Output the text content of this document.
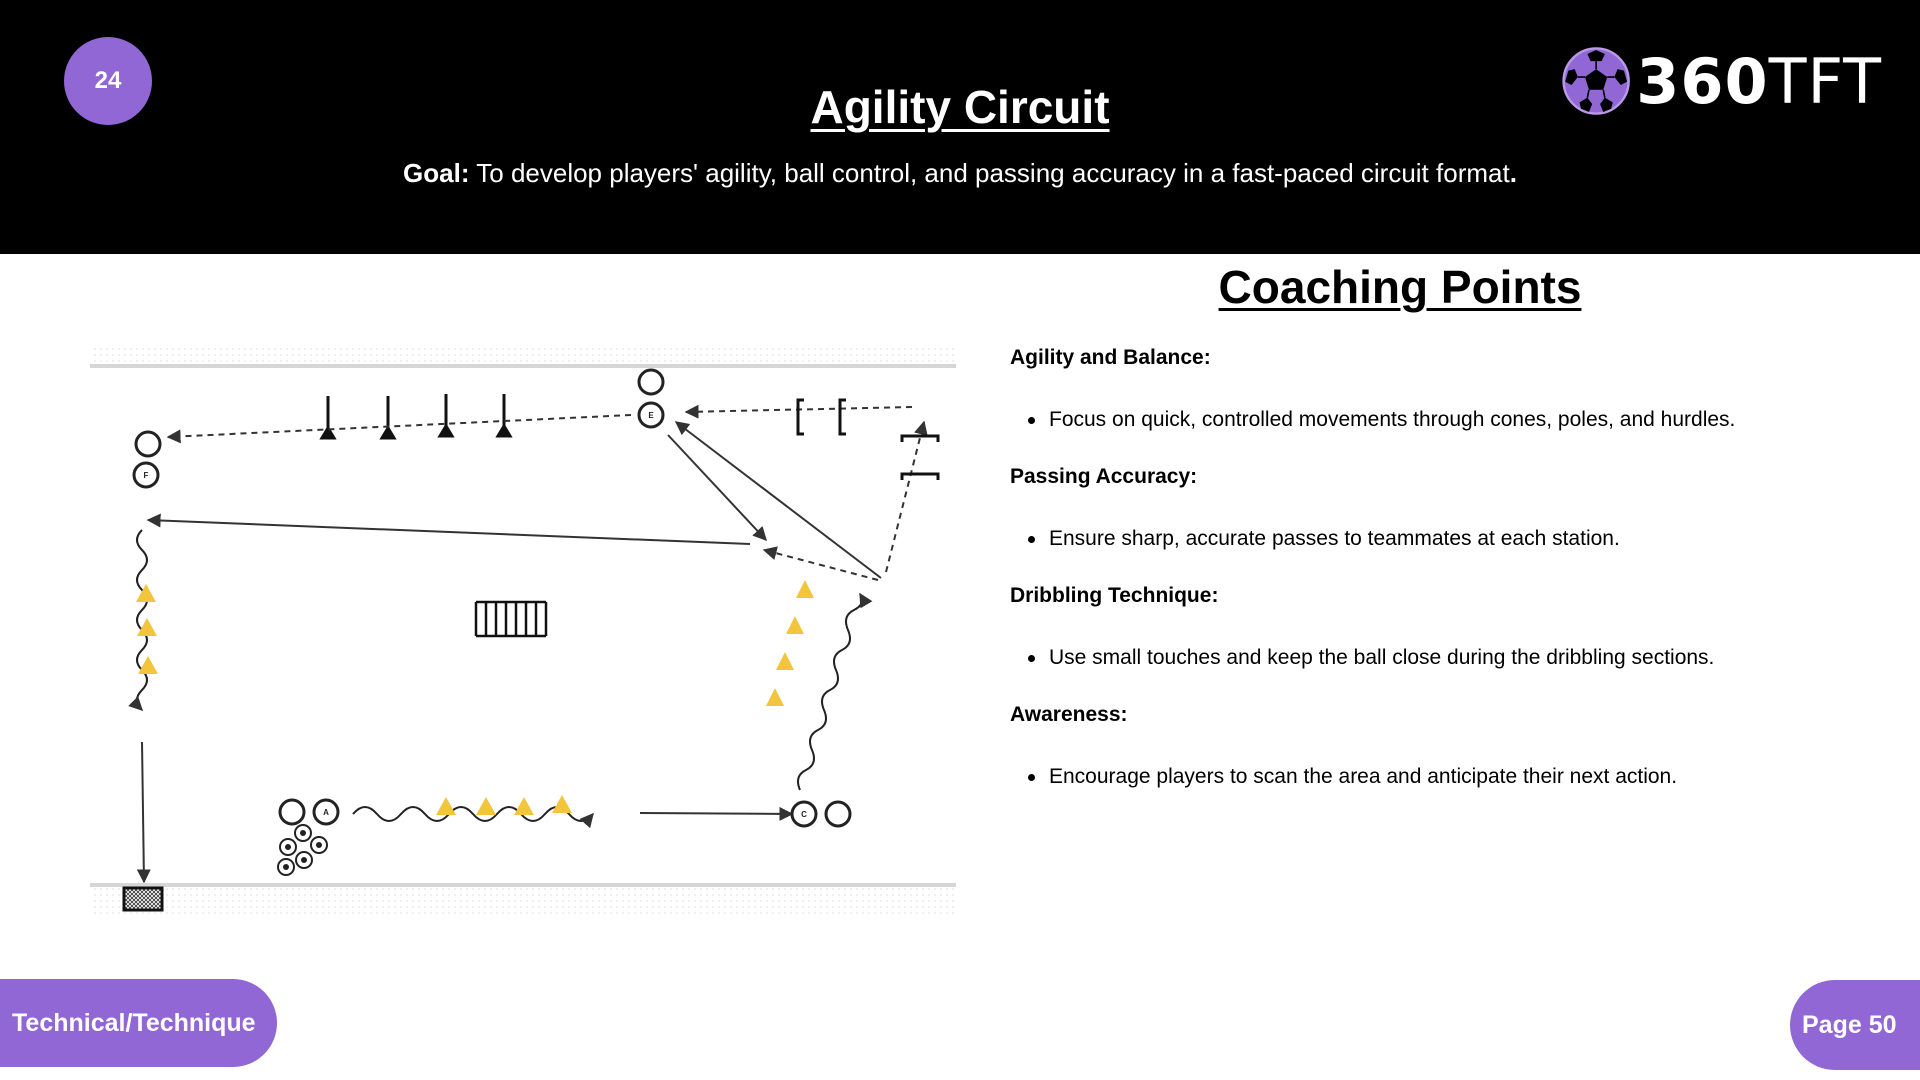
24
Agility Circuit
Goal: To develop players' agility, ball control, and passing accuracy in a fast-paced circuit format.
360TFT
F
E
A	C
Coaching Points
Agility and Balance:
Focus on quick, controlled movements through cones, poles, and hurdles.
Passing Accuracy:
Ensure sharp, accurate passes to teammates at each station.
Dribbling Technique:
Use small touches and keep the ball close during the dribbling sections.
Awareness:
Encourage players to scan the area and anticipate their next action.
Technical/Technique	Page 50
